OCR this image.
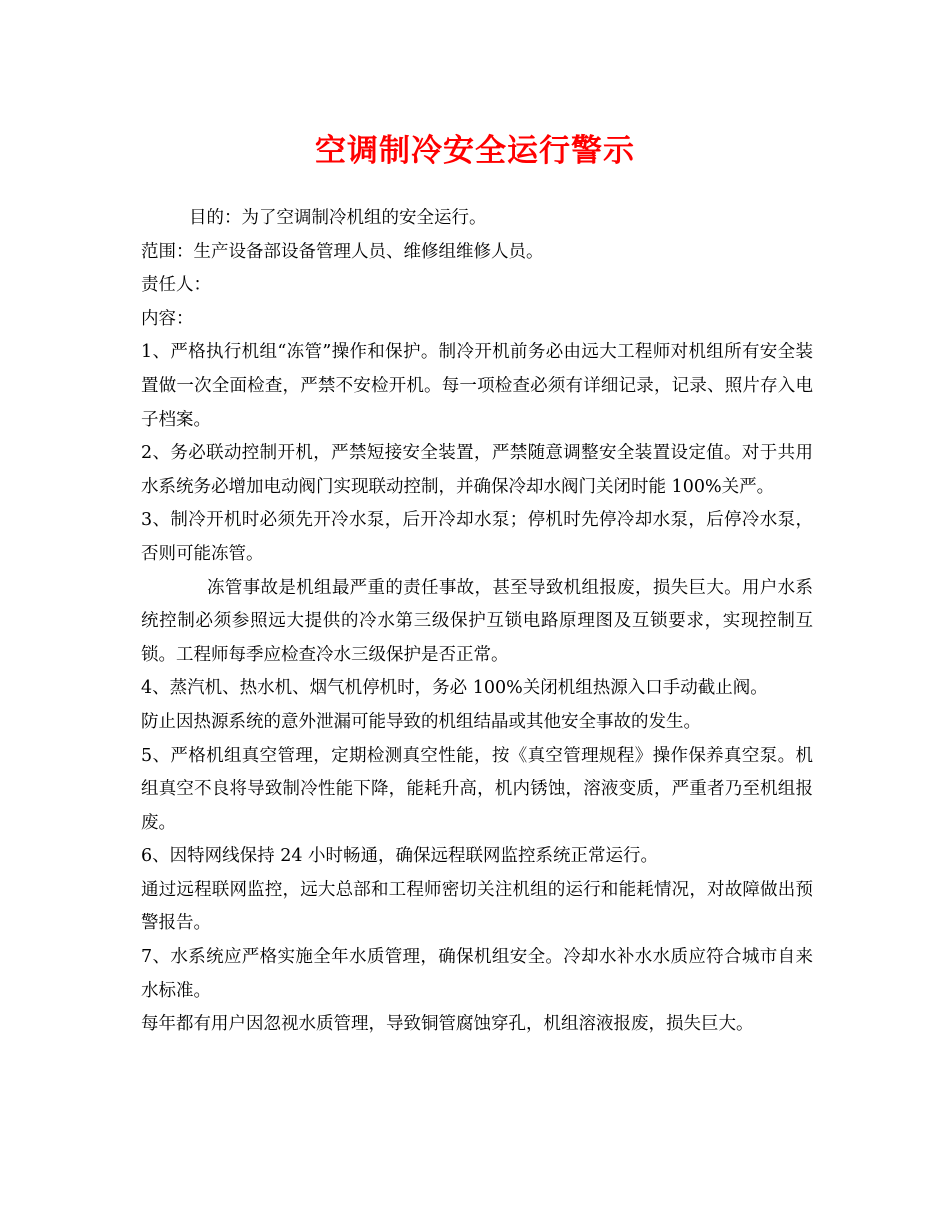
空调制冷安全运行警示

目的：为了空调制冷机组的安全运行。

范围：生产设备部设备管理人员、维修组维修人员。

责任人：

内容：

1、严格执行机组“冻管”操作和保护。制冷开机前务必由远大工程师对机组所有安全装置做一次全面检查，严禁不安检开机。每一项检查必须有详细记录，记录、照片存入电子档案。

2、务必联动控制开机，严禁短接安全装置，严禁随意调整安全装置设定值。对于共用水系统务必增加电动阀门实现联动控制，并确保冷却水阀门关闭时能 100%关严。

3、制冷开机时必须先开冷水泵，后开冷却水泵；停机时先停冷却水泵，后停冷水泵，否则可能冻管。

冻管事故是机组最严重的责任事故，甚至导致机组报废，损失巨大。用户水系统控制必须参照远大提供的冷水第三级保护互锁电路原理图及互锁要求，实现控制互锁。工程师每季应检查冷水三级保护是否正常。

4、蒸汽机、热水机、烟气机停机时，务必 100%关闭机组热源入口手动截止阀。

防止因热源系统的意外泄漏可能导致的机组结晶或其他安全事故的发生。

5、严格机组真空管理，定期检测真空性能，按《真空管理规程》操作保养真空泵。机组真空不良将导致制冷性能下降，能耗升高，机内锈蚀，溶液变质，严重者乃至机组报废。

6、因特网线保持 24 小时畅通，确保远程联网监控系统正常运行。

通过远程联网监控，远大总部和工程师密切关注机组的运行和能耗情况，对故障做出预警报告。

7、水系统应严格实施全年水质管理，确保机组安全。冷却水补水水质应符合城市自来水标准。

每年都有用户因忽视水质管理，导致铜管腐蚀穿孔，机组溶液报废，损失巨大。
